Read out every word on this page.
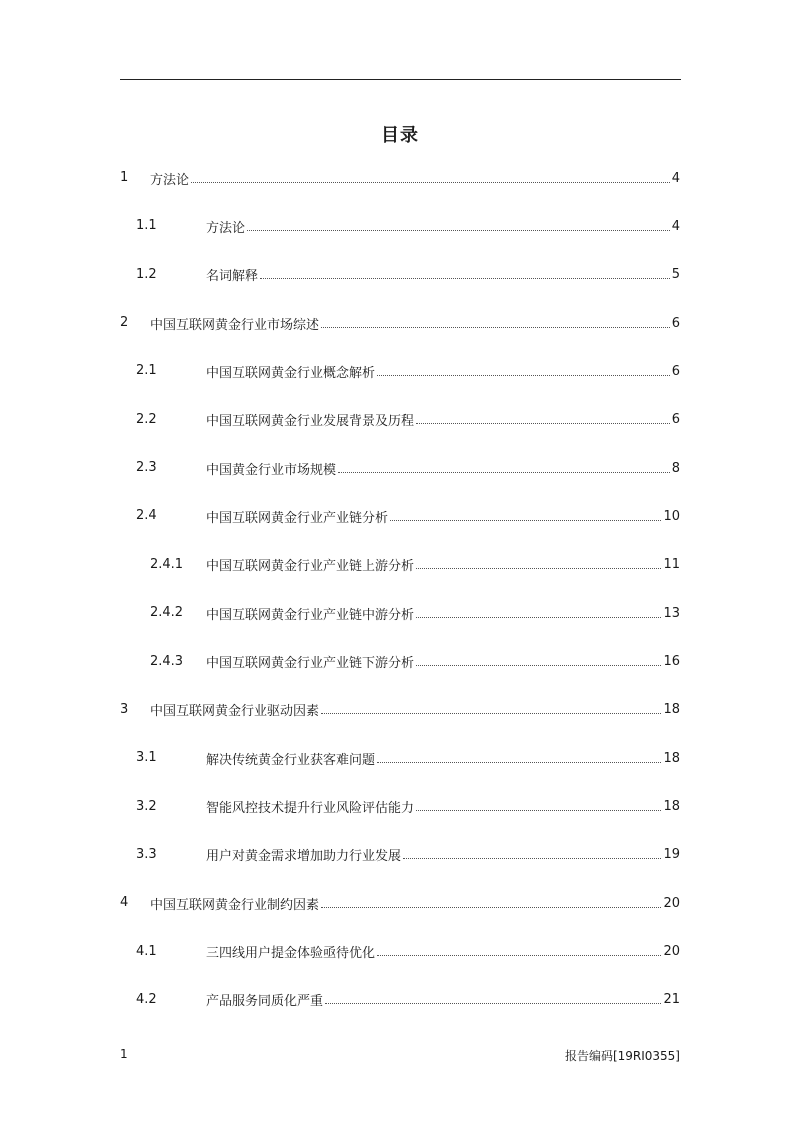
目录
1 方法论	4
1.1	方法论	4
1.2	名词解释	5
2 中国互联网黄金行业市场综述	6
2.1	中国互联网黄金行业概念解析	6
2.2	中国互联网黄金行业发展背景及历程	6
2.3	中国黄金行业市场规模	8
2.4	中国互联网黄金行业产业链分析	10
2.4.1 中国互联网黄金行业产业链上游分析	11
2.4.2 中国互联网黄金行业产业链中游分析	13
2.4.3 中国互联网黄金行业产业链下游分析	16
3 中国互联网黄金行业驱动因素	18
3.1	解决传统黄金行业获客难问题	18
3.2	智能风控技术提升行业风险评估能力	18
3.3	用户对黄金需求增加助力行业发展	19
4 中国互联网黄金行业制约因素	20
4.1	三四线用户提金体验亟待优化	20
4.2	产品服务同质化严重	21
1	报告编码[19RI0355]
